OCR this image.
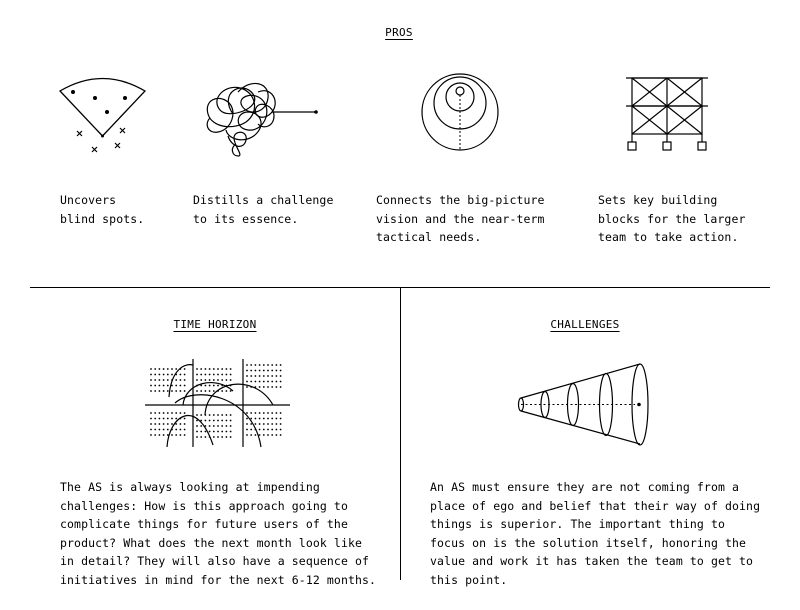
PROS
Uncovers
blind spots.
Distills a challenge
to its essence.
Connects the big-picture
vision and the near-term
tactical needs.
Sets key building
blocks for the larger
team to take action.
TIME HORIZON
The AS is always looking at impending
challenges: How is this approach going to
complicate things for future users of the
product? What does the next month look like
in detail? They will also have a sequence of
initiatives in mind for the next 6-12 months.
CHALLENGES
An AS must ensure they are not coming from a
place of ego and belief that their way of doing
things is superior. The important thing to
focus on is the solution itself, honoring the
value and work it has taken the team to get to
this point.
